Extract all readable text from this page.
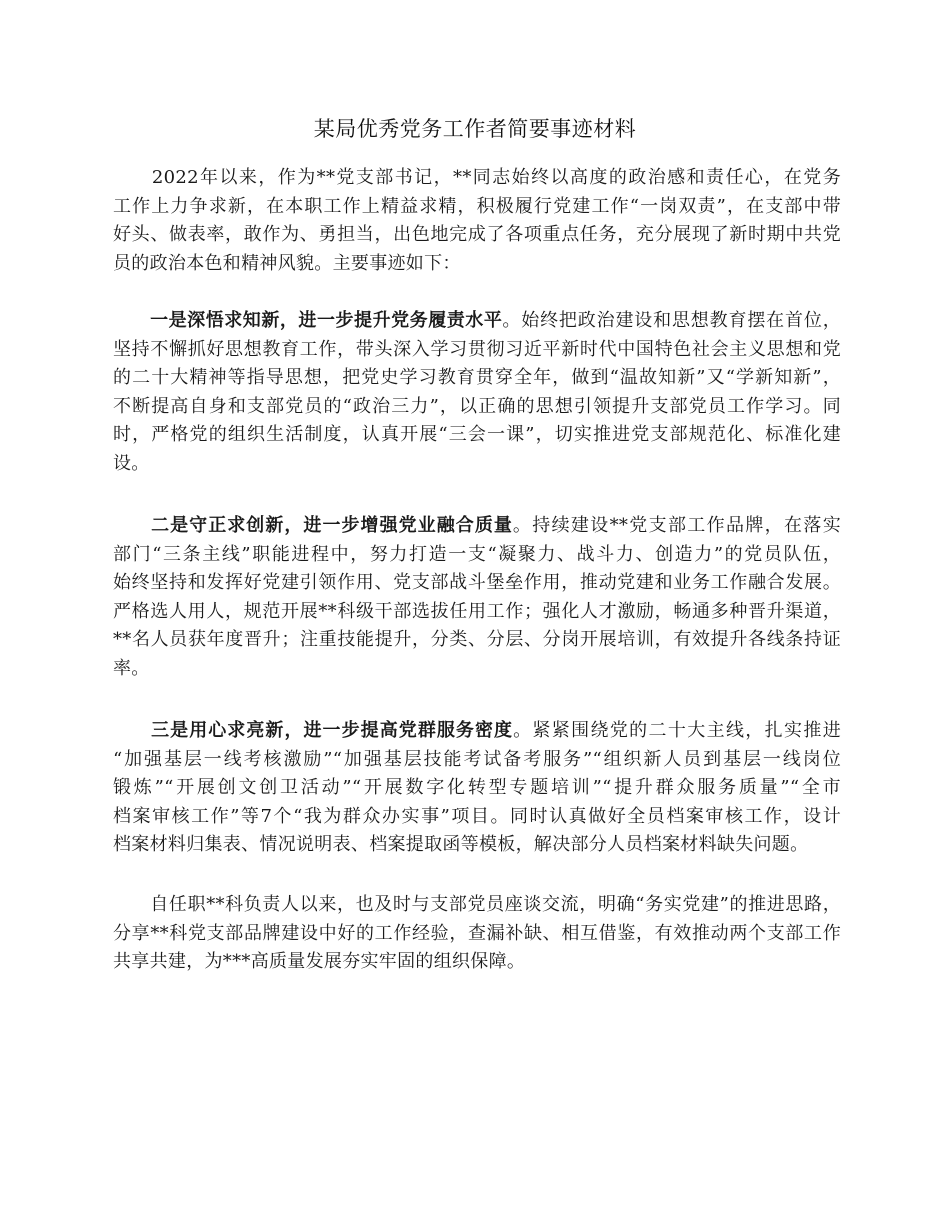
某局优秀党务工作者简要事迹材料
　　2022年以来，作为**党支部书记，**同志始终以高度的政治感和责任心，在党务
工作上力争求新，在本职工作上精益求精，积极履行党建工作“一岗双责”，在支部中带
好头、做表率，敢作为、勇担当，出色地完成了各项重点任务，充分展现了新时期中共党
员的政治本色和精神风貌。主要事迹如下：
　　一是深悟求知新，进一步提升党务履责水平。始终把政治建设和思想教育摆在首位，
坚持不懈抓好思想教育工作，带头深入学习贯彻习近平新时代中国特色社会主义思想和党
的二十大精神等指导思想，把党史学习教育贯穿全年，做到“温故知新”又“学新知新”，
不断提高自身和支部党员的“政治三力”，以正确的思想引领提升支部党员工作学习。同
时，严格党的组织生活制度，认真开展“三会一课”，切实推进党支部规范化、标准化建
设。
　　二是守正求创新，进一步增强党业融合质量。持续建设**党支部工作品牌，在落实
部门“三条主线”职能进程中，努力打造一支“凝聚力、战斗力、创造力”的党员队伍，
始终坚持和发挥好党建引领作用、党支部战斗堡垒作用，推动党建和业务工作融合发展。
严格选人用人，规范开展**科级干部选拔任用工作；强化人才激励，畅通多种晋升渠道，
**名人员获年度晋升；注重技能提升，分类、分层、分岗开展培训，有效提升各线条持证
率。
　　三是用心求亮新，进一步提高党群服务密度。紧紧围绕党的二十大主线，扎实推进
“加强基层一线考核激励”“加强基层技能考试备考服务”“组织新人员到基层一线岗位
锻炼”“开展创文创卫活动”“开展数字化转型专题培训”“提升群众服务质量”“全市
档案审核工作”等7个“我为群众办实事”项目。同时认真做好全员档案审核工作，设计
档案材料归集表、情况说明表、档案提取函等模板，解决部分人员档案材料缺失问题。
　　自任职**科负责人以来，也及时与支部党员座谈交流，明确“务实党建”的推进思路，
分享**科党支部品牌建设中好的工作经验，查漏补缺、相互借鉴，有效推动两个支部工作
共享共建，为***高质量发展夯实牢固的组织保障。
